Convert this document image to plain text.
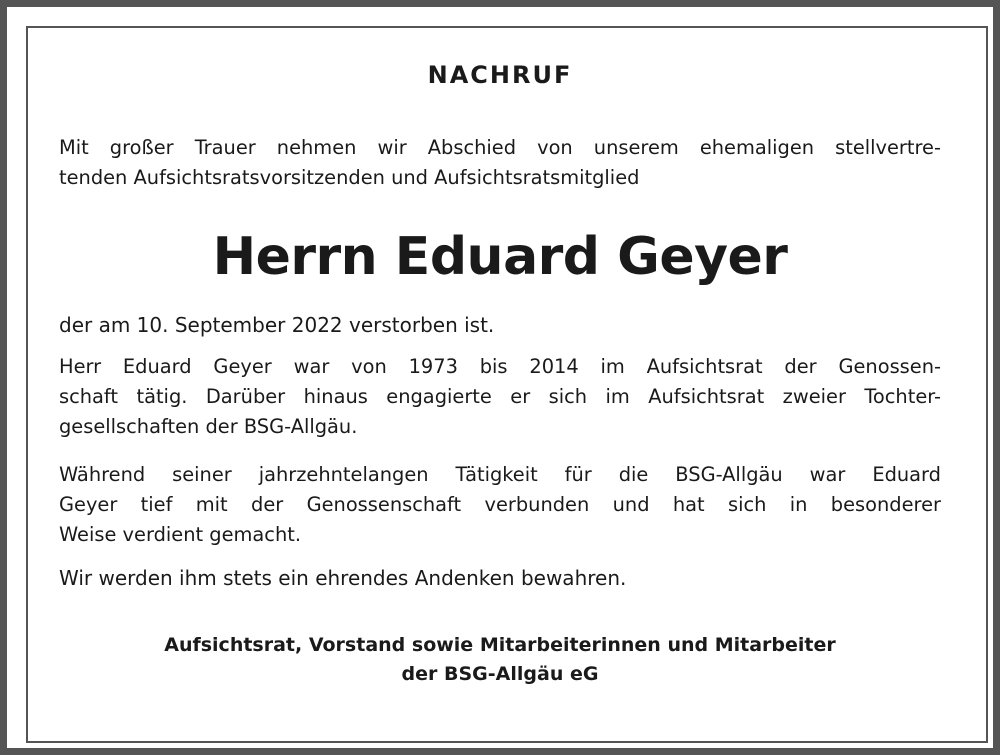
NACHRUF
Mit großer Trauer nehmen wir Abschied von unserem ehemaligen stellvertre-
tenden Aufsichtsratsvorsitzenden und Aufsichtsratsmitglied
Herrn Eduard Geyer
der am 10. September 2022 verstorben ist.
Herr Eduard Geyer war von 1973 bis 2014 im Aufsichtsrat der Genossen-
schaft tätig. Darüber hinaus engagierte er sich im Aufsichtsrat zweier Tochter-
gesellschaften der BSG-Allgäu.
Während seiner jahrzehntelangen Tätigkeit für die BSG-Allgäu war Eduard
Geyer tief mit der Genossenschaft verbunden und hat sich in besonderer
Weise verdient gemacht.
Wir werden ihm stets ein ehrendes Andenken bewahren.
Aufsichtsrat, Vorstand sowie Mitarbeiterinnen und Mitarbeiter
der BSG-Allgäu eG
